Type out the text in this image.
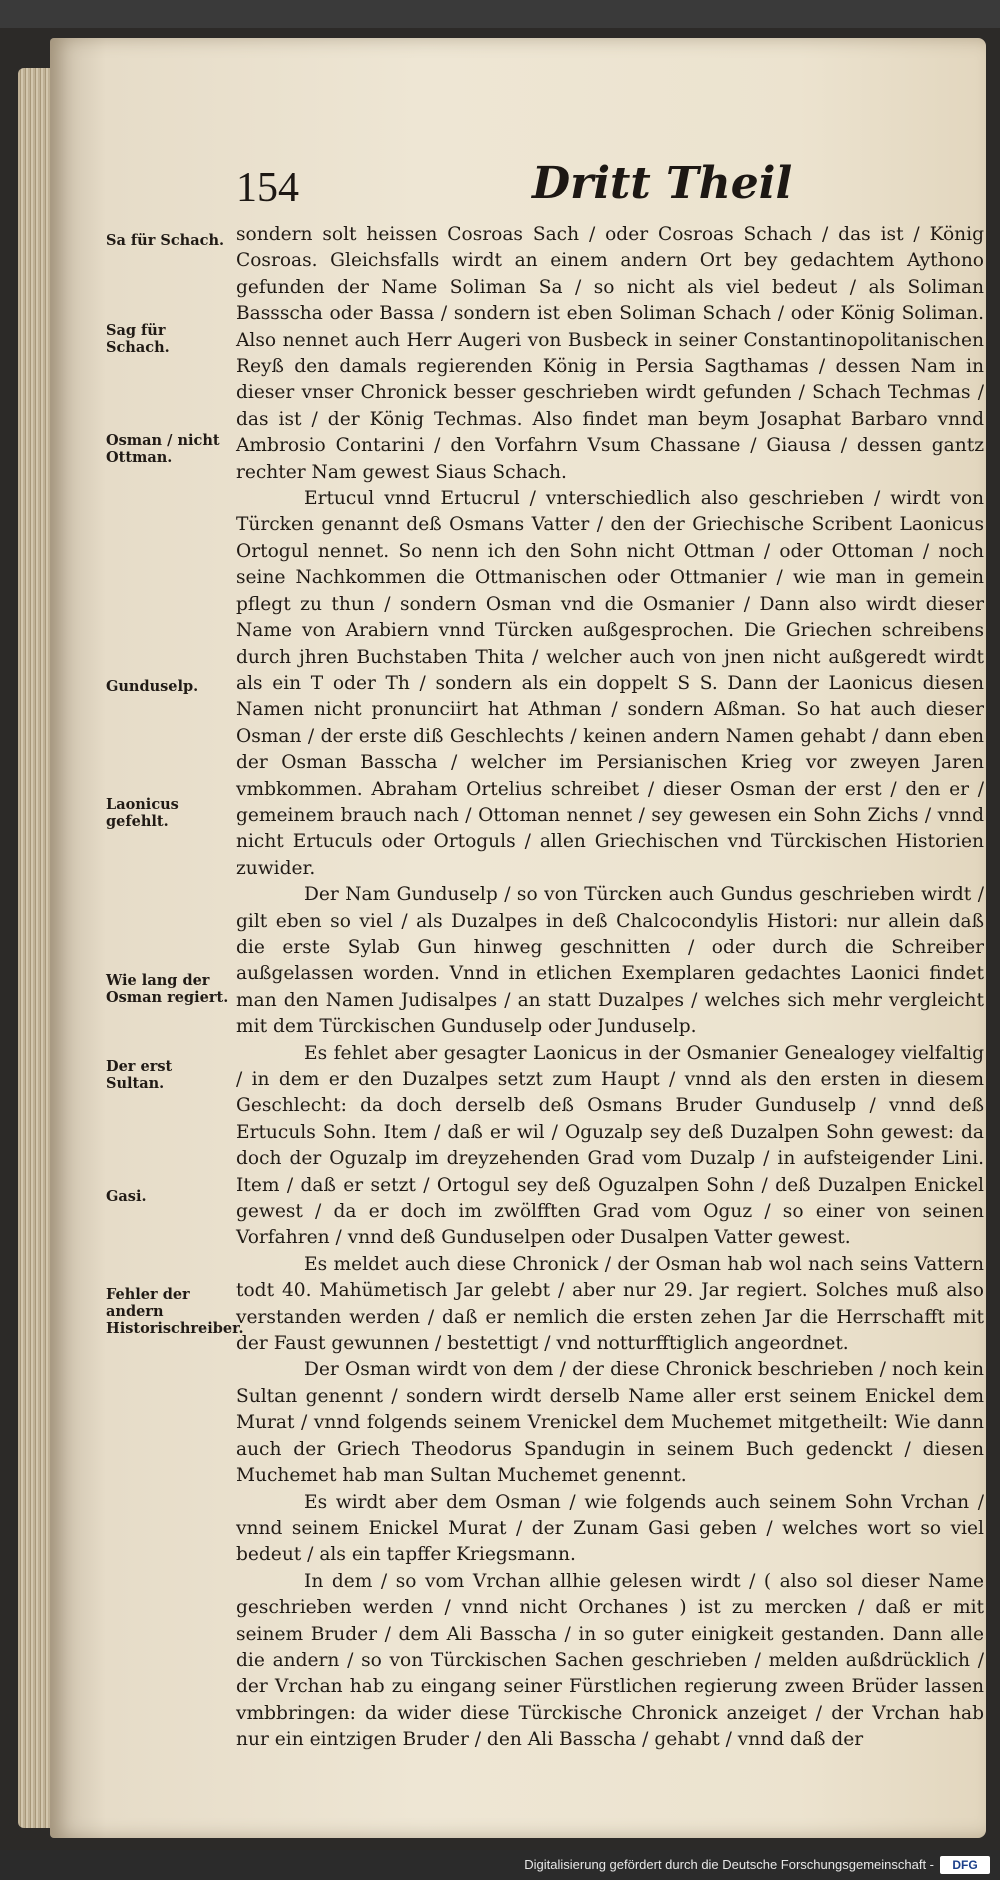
154	Dritt Theil
Sa für Schach.
Sag für Schach.
Osman / nicht Ottman.
Gunduselp.
Laonicus gefehlt.
Wie lang der Osman regiert.
Der erst Sultan.
Gasi.
Fehler der andern Historischreiber.

sondern solt heissen Cosroas Sach / oder Cosroas Schach / das ist / König Cosroas. Gleichsfalls wirdt an einem andern Ort bey gedachtem Aythono gefunden der Name Soliman Sa / so nicht als viel bedeut / als Soliman Bassscha oder Bassa / sondern ist eben Soliman Schach / oder König Soliman. Also nennet auch Herr Augeri von Busbeck in seiner Constantinopolitanischen Reyß den damals regierenden König in Persia Sagthamas / dessen Nam in dieser vnser Chronick besser geschrieben wirdt gefunden / Schach Techmas / das ist / der König Techmas. Also findet man beym Josaphat Barbaro vnnd Ambrosio Contarini / den Vorfahrn Vsum Chassane / Giausa / dessen gantz rechter Nam gewest Siaus Schach.

Ertucul vnnd Ertucrul / vnterschiedlich also geschrieben / wirdt von Türcken genannt deß Osmans Vatter / den der Griechische Scribent Laonicus Ortogul nennet. So nenn ich den Sohn nicht Ottman / oder Ottoman / noch seine Nachkommen die Ottmanischen oder Ottmanier / wie man in gemein pflegt zu thun / sondern Osman vnd die Osmanier / Dann also wirdt dieser Name von Arabiern vnnd Türcken außgesprochen. Die Griechen schreibens durch jhren Buchstaben Thita / welcher auch von jnen nicht außgeredt wirdt als ein T oder Th / sondern als ein doppelt S S. Dann der Laonicus diesen Namen nicht pronunciirt hat Athman / sondern Aßman. So hat auch dieser Osman / der erste diß Geschlechts / keinen andern Namen gehabt / dann eben der Osman Basscha / welcher im Persianischen Krieg vor zweyen Jaren vmbkommen. Abraham Ortelius schreibet / dieser Osman der erst / den er / gemeinem brauch nach / Ottoman nennet / sey gewesen ein Sohn Zichs / vnnd nicht Ertuculs oder Ortoguls / allen Griechischen vnd Türckischen Historien zuwider.

Der Nam Gunduselp / so von Türcken auch Gundus geschrieben wirdt / gilt eben so viel / als Duzalpes in deß Chalcocondylis Histori: nur allein daß die erste Sylab Gun hinweg geschnitten / oder durch die Schreiber außgelassen worden. Vnnd in etlichen Exemplaren gedachtes Laonici findet man den Namen Judisalpes / an statt Duzalpes / welches sich mehr vergleicht mit dem Türckischen Gunduselp oder Junduselp.

Es fehlet aber gesagter Laonicus in der Osmanier Genealogey vielfaltig / in dem er den Duzalpes setzt zum Haupt / vnnd als den ersten in diesem Geschlecht: da doch derselb deß Osmans Bruder Gunduselp / vnnd deß Ertuculs Sohn. Item / daß er wil / Oguzalp sey deß Duzalpen Sohn gewest: da doch der Oguzalp im dreyzehenden Grad vom Duzalp / in aufsteigender Lini. Item / daß er setzt / Ortogul sey deß Oguzalpen Sohn / deß Duzalpen Enickel gewest / da er doch im zwölfften Grad vom Oguz / so einer von seinen Vorfahren / vnnd deß Gunduselpen oder Dusalpen Vatter gewest.

Es meldet auch diese Chronick / der Osman hab wol nach seins Vattern todt 40. Mahümetisch Jar gelebt / aber nur 29. Jar regiert. Solches muß also verstanden werden / daß er nemlich die ersten zehen Jar die Herrschafft mit der Faust gewunnen / bestettigt / vnd notturfftiglich angeordnet.

Der Osman wirdt von dem / der diese Chronick beschrieben / noch kein Sultan genennt / sondern wirdt derselb Name aller erst seinem Enickel dem Murat / vnnd folgends seinem Vrenickel dem Muchemet mitgetheilt: Wie dann auch der Griech Theodorus Spandugin in seinem Buch gedenckt / diesen Muchemet hab man Sultan Muchemet genennt.

Es wirdt aber dem Osman / wie folgends auch seinem Sohn Vrchan / vnnd seinem Enickel Murat / der Zunam Gasi geben / welches wort so viel bedeut / als ein tapffer Kriegsmann.

In dem / so vom Vrchan allhie gelesen wirdt / ( also sol dieser Name geschrieben werden / vnnd nicht Orchanes ) ist zu mercken / daß er mit seinem Bruder / dem Ali Basscha / in so guter einigkeit gestanden. Dann alle die andern / so von Türckischen Sachen geschrieben / melden außdrücklich / der Vrchan hab zu eingang seiner Fürstlichen regierung zween Brüder lassen vmbbringen: da wider diese Türckische Chronick anzeiget / der Vrchan hab nur ein eintzigen Bruder / den Ali Basscha / gehabt / vnnd daß der

Digitalisierung gefördert durch die Deutsche Forschungsgemeinschaft -	DFG
